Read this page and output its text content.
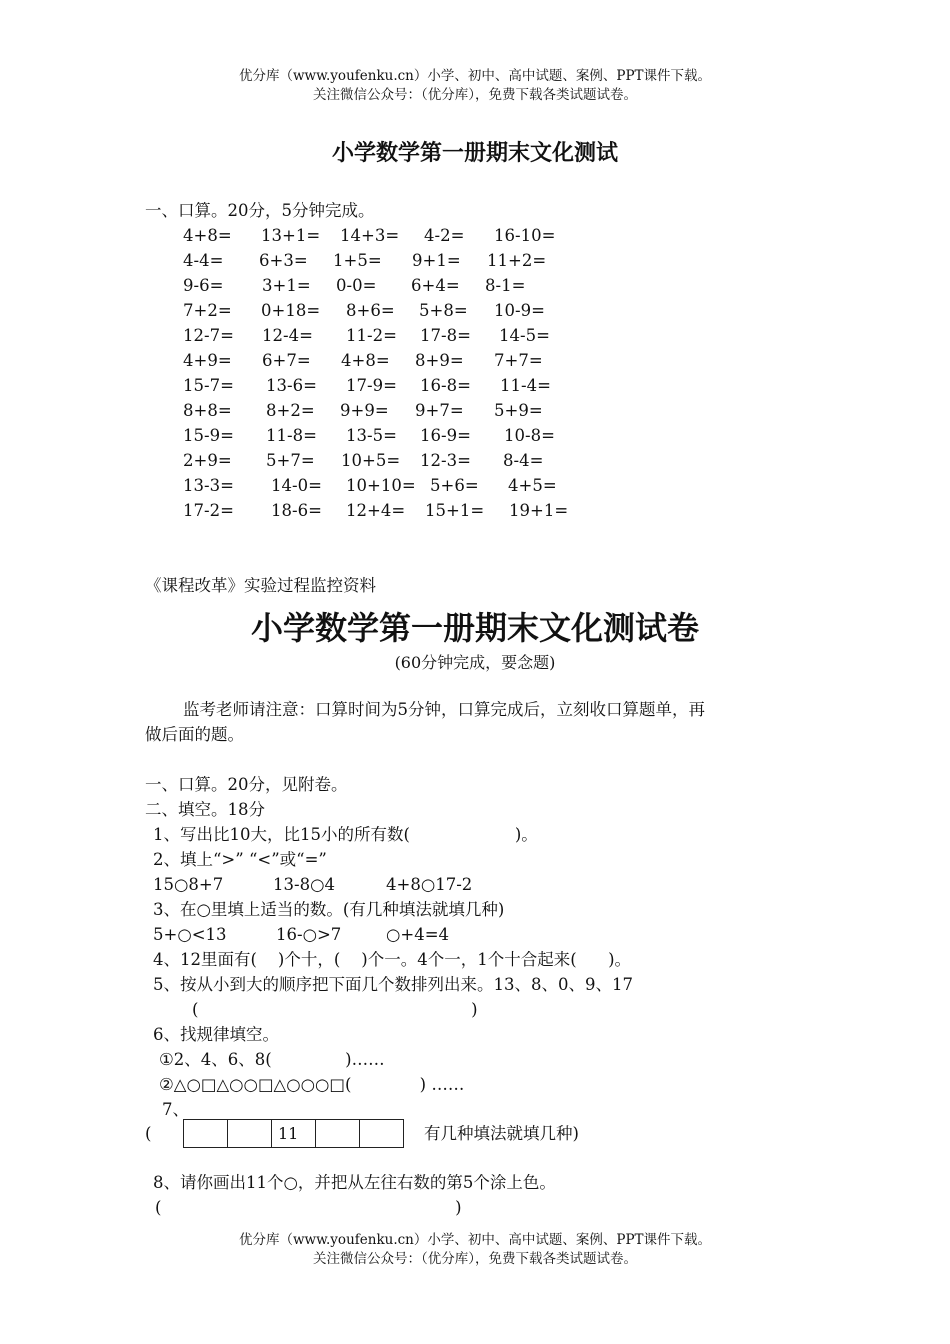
优分库（www.youfenku.cn）小学、初中、高中试题、案例、PPT课件下载。
关注微信公众号：（优分库），免费下载各类试题试卷。
小学数学第一册期末文化测试
一、口算。20分，5分钟完成。
4+8= 13+1= 14+3= 4-2= 16-10=
4-4= 6+3= 1+5= 9+1= 11+2=
9-6= 3+1= 0-0= 6+4= 8-1=
7+2= 0+18= 8+6= 5+8= 10-9=
12-7= 12-4= 11-2= 17-8= 14-5=
4+9= 6+7= 4+8= 8+9= 7+7=
15-7= 13-6= 17-9= 16-8= 11-4=
8+8= 8+2= 9+9= 9+7= 5+9=
15-9= 11-8= 13-5= 16-9= 10-8=
2+9= 5+7= 10+5= 12-3= 8-4=
13-3= 14-0= 10+10= 5+6= 4+5=
17-2= 18-6= 12+4= 15+1= 19+1=
《课程改革》实验过程监控资料
小学数学第一册期末文化测试卷
(60分钟完成，要念题)
监考老师请注意：口算时间为5分钟，口算完成后，立刻收口算题单，再
做后面的题。
一、口算。20分，见附卷。
二、填空。18分
1、写出比10大，比15小的所有数(                    )。
2、填上“>” “<”或“=”
15○8+7	13-8○4	4+8○17-2
3、在○里填上适当的数。(有几种填法就填几种)
5+○<13	16-○>7	○+4=4
4、12里面有(    )个十，(    )个一。4个一，1个十合起来(      )。
5、按从小到大的顺序把下面几个数排列出来。13、8、0、9、17
(                                                    )
6、找规律填空。
①2、4、6、8(              )……
②△○□△○○□△○○○□(             ) ……
7、
(
			11			有几种填法就填几种)
8、请你画出11个○，并把从左往右数的第5个涂上色。
(                                                        )
优分库（www.youfenku.cn）小学、初中、高中试题、案例、PPT课件下载。
关注微信公众号：（优分库），免费下载各类试题试卷。
